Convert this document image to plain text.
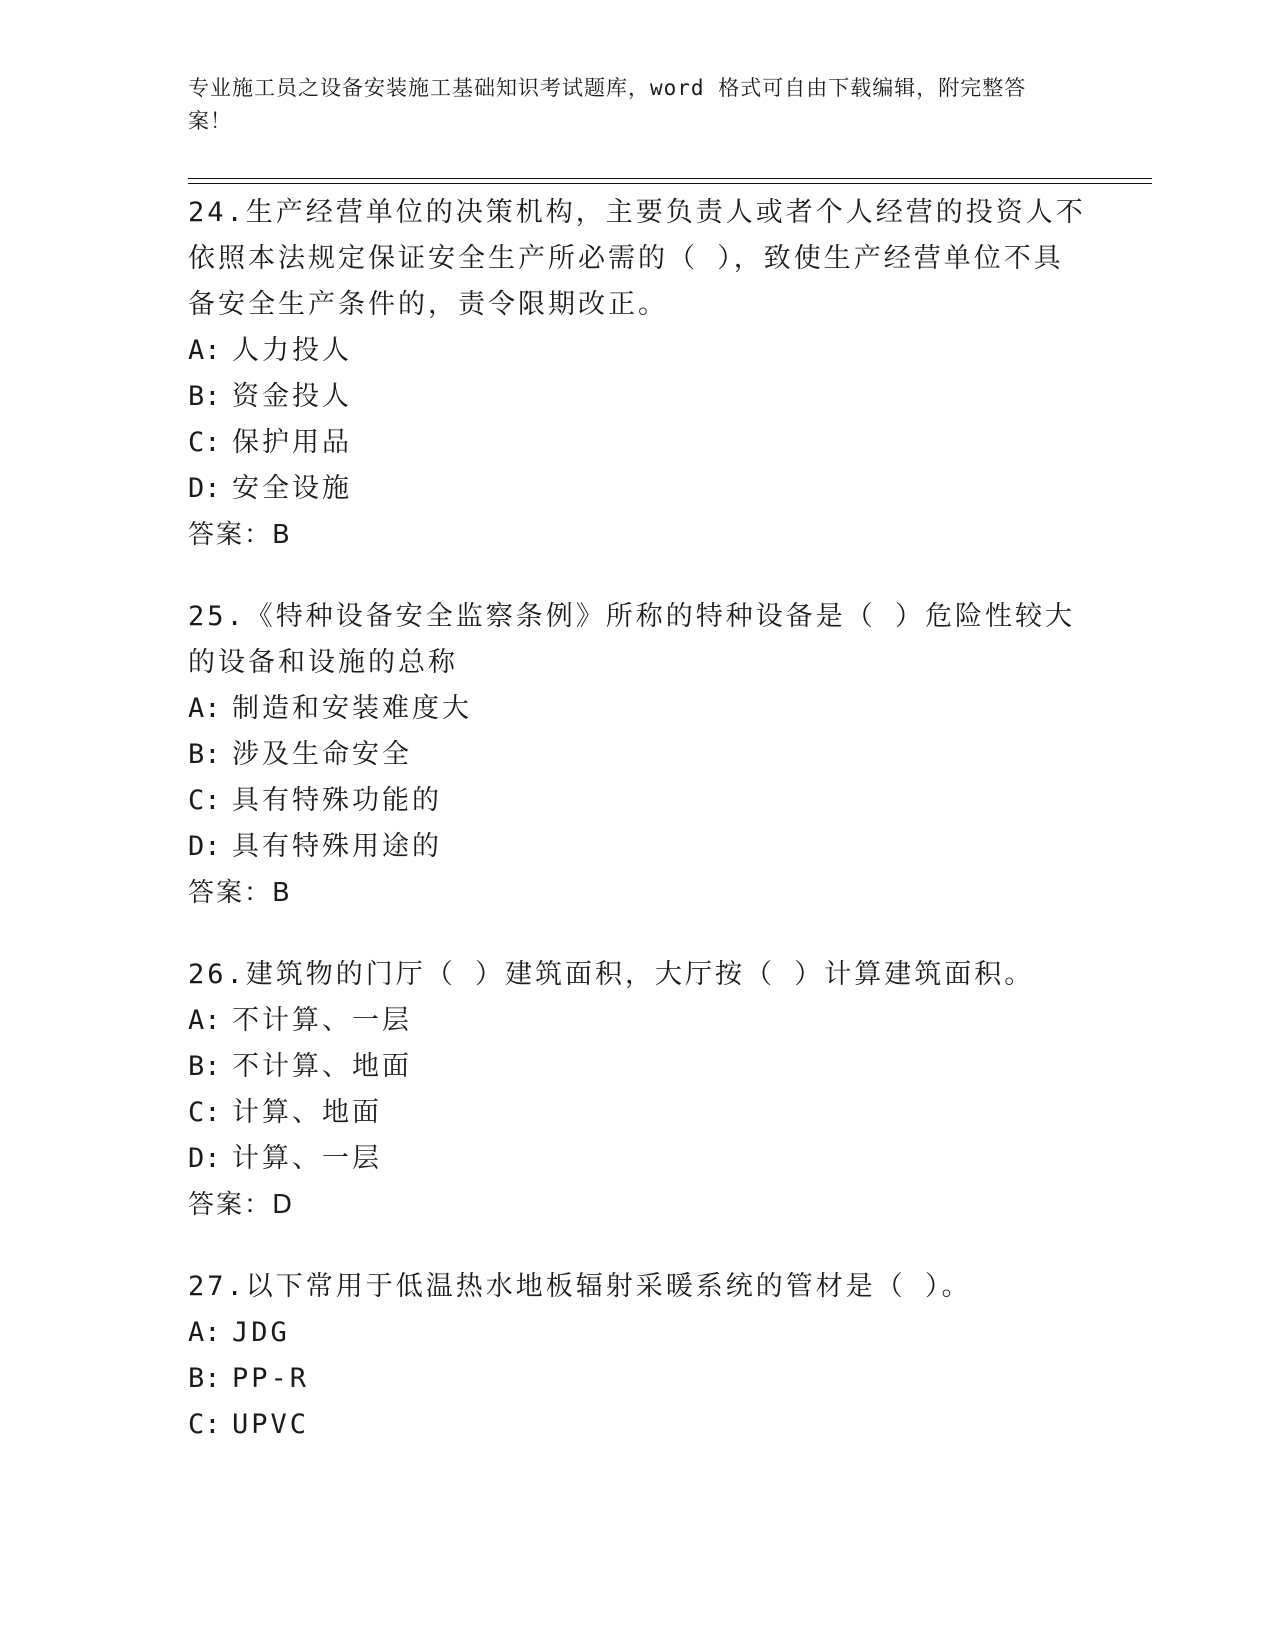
专业施工员之设备安装施工基础知识考试题库，word 格式可自由下载编辑，附完整答案！

24.生产经营单位的决策机构，主要负责人或者个人经营的投资人不依照本法规定保证安全生产所必需的（ ），致使生产经营单位不具备安全生产条件的，责令限期改正。

A: 人力投人
B: 资金投人
C: 保护用品
D: 安全设施
答案：B

25.《特种设备安全监察条例》所称的特种设备是（ ）危险性较大的设备和设施的总称

A: 制造和安装难度大
B: 涉及生命安全
C: 具有特殊功能的
D: 具有特殊用途的
答案：B

26.建筑物的门厅（ ）建筑面积，大厅按（ ）计算建筑面积。

A: 不计算、一层
B: 不计算、地面
C: 计算、地面
D: 计算、一层
答案：D

27.以下常用于低温热水地板辐射采暖系统的管材是（ ）。

A: JDG
B: PP-R
C: UPVC
